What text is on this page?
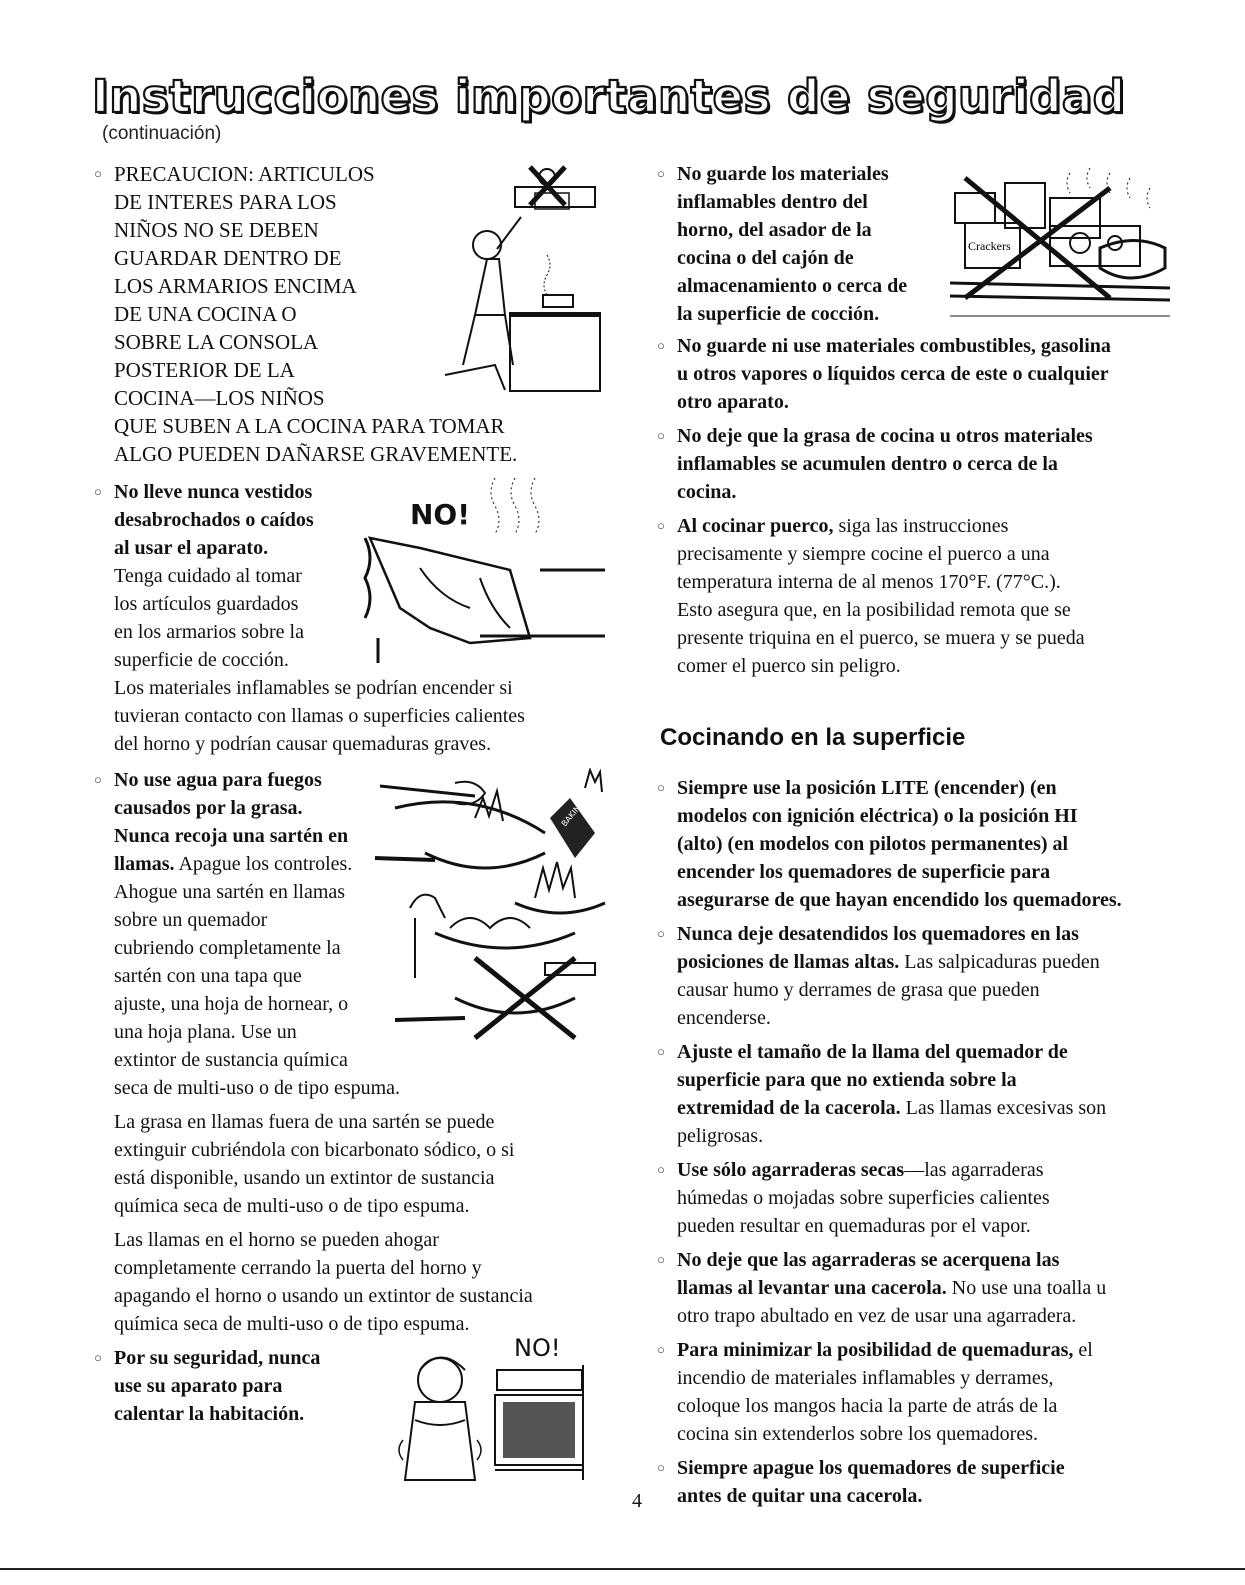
Instrucciones importantes de seguridad (continuación)
○ PRECAUCION: ARTICULOS
DE INTERES PARA LOS
NIÑOS NO SE DEBEN
GUARDAR DENTRO DE
LOS ARMARIOS ENCIMA
DE UNA COCINA O
SOBRE LA CONSOLA
POSTERIOR DE LA
COCINA—LOS NIÑOS
QUE SUBEN A LA COCINA PARA TOMAR
ALGO PUEDEN DAÑARSE GRAVEMENTE.
○ No lleve nunca vestidos
desabrochados o caídos
al usar el aparato.
Tenga cuidado al tomar
los artículos guardados
en los armarios sobre la
superficie de cocción.
Los materiales inflamables se podrían encender si
tuvieran contacto con llamas o superficies calientes
del horno y podrían causar quemaduras graves.
○ No use agua para fuegos
causados por la grasa.
Nunca recoja una sartén en
llamas. Apague los controles.
Ahogue una sartén en llamas
sobre un quemador
cubriendo completamente la
sartén con una tapa que
ajuste, una hoja de hornear, o
una hoja plana. Use un
extintor de sustancia química
seca de multi-uso o de tipo espuma.

La grasa en llamas fuera de una sartén se puede
extinguir cubriéndola con bicarbonato sódico, o si
está disponible, usando un extintor de sustancia
química seca de multi-uso o de tipo espuma.

Las llamas en el horno se pueden ahogar
completamente cerrando la puerta del horno y
apagando el horno o usando un extintor de sustancia
química seca de multi-uso o de tipo espuma.

○ Por su seguridad, nunca
use su aparato para
calentar la habitación.
NO!
BAKING SODA
NO!
○ No guarde los materiales
inflamables dentro del
horno, del asador de la
cocina o del cajón de
almacenamiento o cerca de
la superficie de cocción.
○ No guarde ni use materiales combustibles, gasolina
u otros vapores o líquidos cerca de este o cualquier
otro aparato.
○ No deje que la grasa de cocina u otros materiales
inflamables se acumulen dentro o cerca de la
cocina.
○ Al cocinar puerco, siga las instrucciones
precisamente y siempre cocine el puerco a una
temperatura interna de al menos 170°F. (77°C.).
Esto asegura que, en la posibilidad remota que se
presente triquina en el puerco, se muera y se pueda
comer el puerco sin peligro.
Cocinando en la superficie
○ Siempre use la posición LITE (encender) (en
modelos con ignición eléctrica) o la posición HI
(alto) (en modelos con pilotos permanentes) al
encender los quemadores de superficie para
asegurarse de que hayan encendido los quemadores.
○ Nunca deje desatendidos los quemadores en las
posiciones de llamas altas. Las salpicaduras pueden
causar humo y derrames de grasa que pueden
encenderse.
○ Ajuste el tamaño de la llama del quemador de
superficie para que no extienda sobre la
extremidad de la cacerola. Las llamas excesivas son
peligrosas.
○ Use sólo agarraderas secas—las agarraderas
húmedas o mojadas sobre superficies calientes
pueden resultar en quemaduras por el vapor.
○ No deje que las agarraderas se acerquena las
llamas al levantar una cacerola. No use una toalla u
otro trapo abultado en vez de usar una agarradera.
○ Para minimizar la posibilidad de quemaduras, el
incendio de materiales inflamables y derrames,
coloque los mangos hacia la parte de atrás de la
cocina sin extenderlos sobre los quemadores.
○ Siempre apague los quemadores de superficie
antes de quitar una cacerola.
Crackers
4
